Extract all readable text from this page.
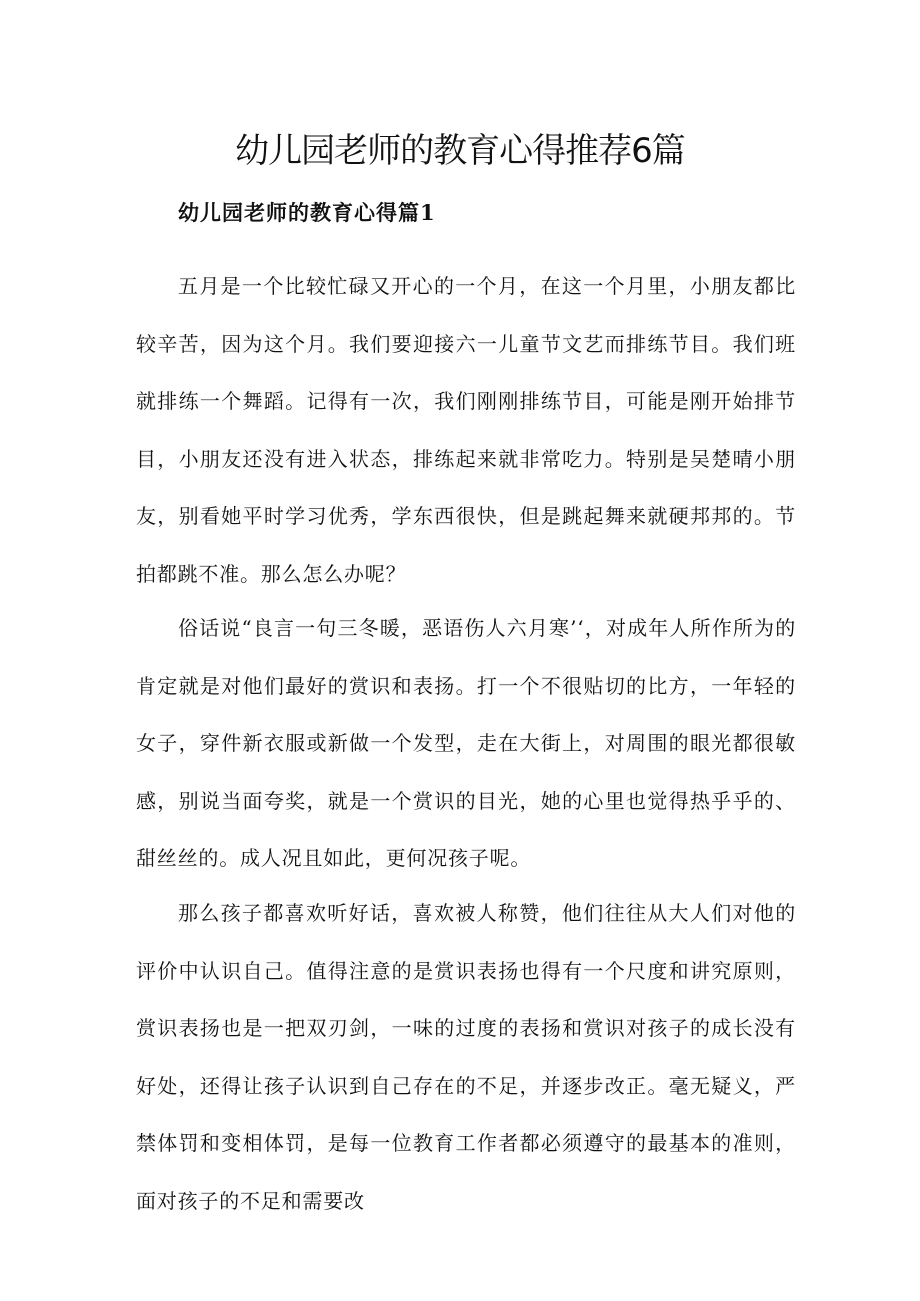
幼儿园老师的教育心得推荐6篇
幼儿园老师的教育心得篇1

五月是一个比较忙碌又开心的一个月，在这一个月里，小朋友都比较辛苦，因为这个月。我们要迎接六一儿童节文艺而排练节目。我们班就排练一个舞蹈。记得有一次，我们刚刚排练节目，可能是刚开始排节目，小朋友还没有进入状态，排练起来就非常吃力。特别是吴楚晴小朋友，别看她平时学习优秀，学东西很快，但是跳起舞来就硬邦邦的。节拍都跳不准。那么怎么办呢？

俗话说“良言一句三冬暖，恶语伤人六月寒’‘，对成年人所作所为的肯定就是对他们最好的赏识和表扬。打一个不很贴切的比方，一年轻的女子，穿件新衣服或新做一个发型，走在大街上，对周围的眼光都很敏感，别说当面夸奖，就是一个赏识的目光，她的心里也觉得热乎乎的、甜丝丝的。成人况且如此，更何况孩子呢。

那么孩子都喜欢听好话，喜欢被人称赞，他们往往从大人们对他的评价中认识自己。值得注意的是赏识表扬也得有一个尺度和讲究原则，赏识表扬也是一把双刃剑，一味的过度的表扬和赏识对孩子的成长没有好处，还得让孩子认识到自己存在的不足，并逐步改正。毫无疑义，严禁体罚和变相体罚，是每一位教育工作者都必须遵守的最基本的准则，面对孩子的不足和需要改
